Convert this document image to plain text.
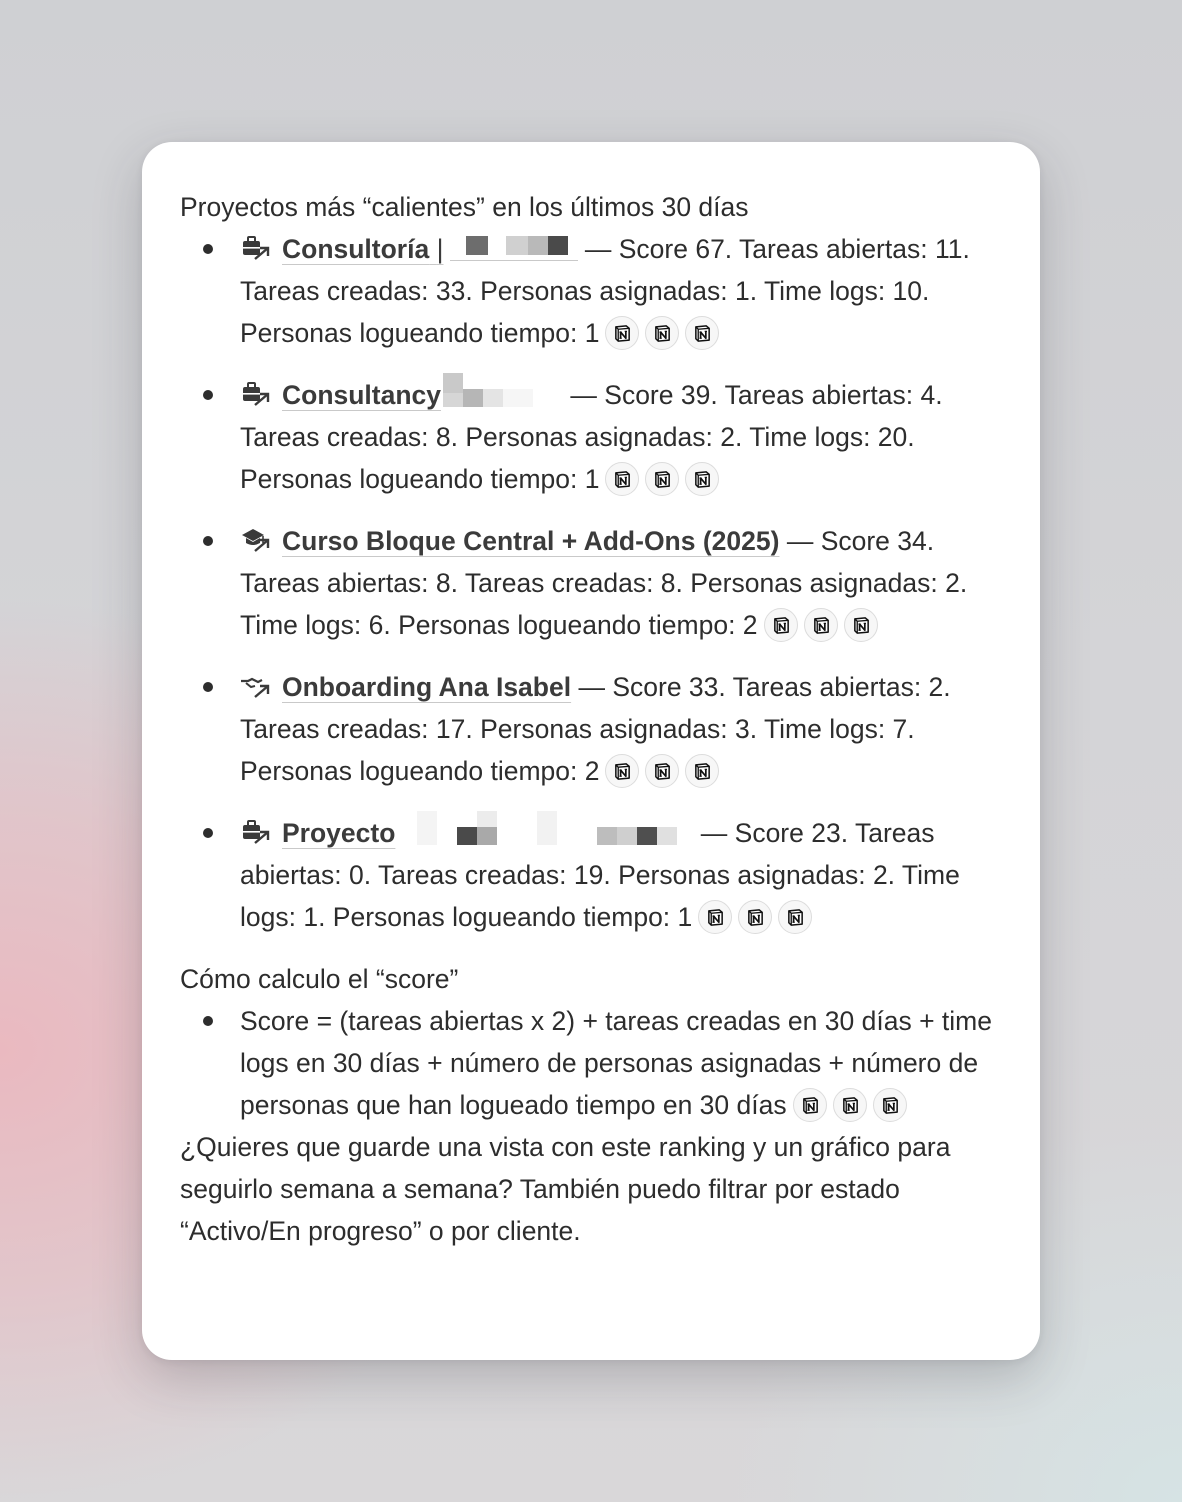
Proyectos más “calientes” en los últimos 30 días

Consultoría |	— Score 67. Tareas abiertas: 11. Tareas creadas: 33. Personas asignadas: 1. Time logs: 10. Personas logueando tiempo: 1
Consultancy	— Score 39. Tareas abiertas: 4. Tareas creadas: 8. Personas asignadas: 2. Time logs: 20. Personas logueando tiempo: 1
Curso Bloque Central + Add-Ons (2025) — Score 34. Tareas abiertas: 8. Tareas creadas: 8. Personas asignadas: 2. Time logs: 6. Personas logueando tiempo: 2
Onboarding Ana Isabel — Score 33. Tareas abiertas: 2. Tareas creadas: 17. Personas asignadas: 3. Time logs: 7. Personas logueando tiempo: 2
Proyecto	— Score 23. Tareas abiertas: 0. Tareas creadas: 19. Personas asignadas: 2. Time logs: 1. Personas logueando tiempo: 1

Cómo calculo el “score”

Score = (tareas abiertas x 2) + tareas creadas en 30 días + time logs en 30 días + número de personas asignadas + número de personas que han logueado tiempo en 30 días

¿Quieres que guarde una vista con este ranking y un gráfico para seguirlo semana a semana? También puedo filtrar por estado “Activo/En progreso” o por cliente.
